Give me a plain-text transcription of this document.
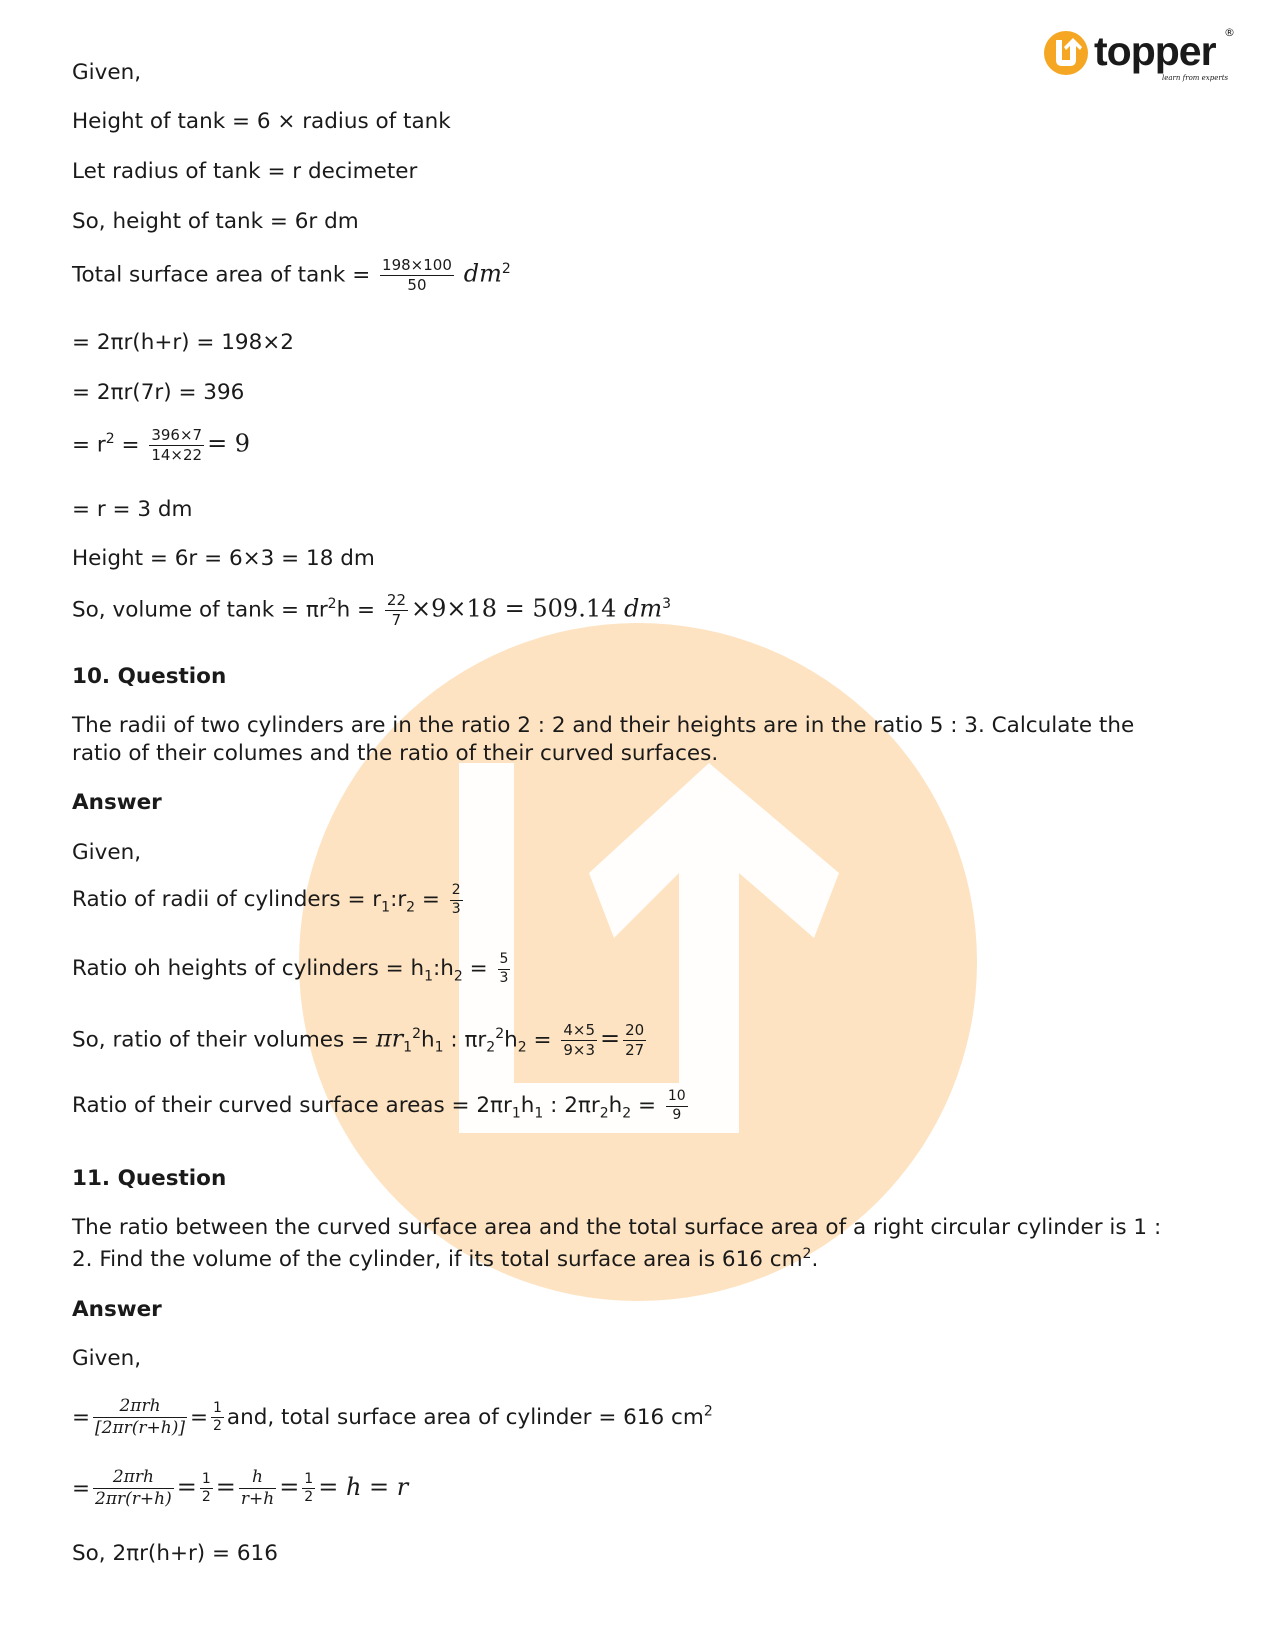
topper ®
learn from experts
Given,
Height of tank = 6 × radius of tank
Let radius of tank = r decimeter
So, height of tank = 6r dm
Total surface area of $\tan k = \frac{198\times 100}{50} dm^2$
= 2πr(h+r) = 198×2
= 2πr(7r) = 396
= $r^2 = \frac{396\times 7}{14\times 22} = 9$
= r = 3 dm
Height = 6r = 6×3 = 18 dm
So, volume of $\tan k = \pi r^2h = \frac{22}{7} \times 9\times 18 = 509.14$ $dm^3$
10. Question
The radii of two cylinders are in the ratio 2 : 2 and their heights are in the ratio 5 : 3. Calculate the
ratio of their columes and the ratio of their curved surfaces.
Answer
Given,
Ratio of radii of cylinders = $r_1:r_2 = \frac{2}{3}$
Ratio oh heights of cylinders = $h_1:h_2 = \frac{5}{3}$
So, ratio of their volumes = $\pi r_1^2h_1$ : $\pi r_2^2h_2 = \frac{4\times 5}{9\times 3} = \frac{20}{27}$
Ratio of their curved surface areas = $2\pi r_1h_1$ : $2\pi r_2h_2 = \frac{10}{9}$
11. Question
The ratio between the curved surface area and the total surface area of a right circular cylinder is 1 :
2. Find the volume of the cylinder, if its total surface area is 616 $cm^2$.
Answer
Given,
= $\frac{\text{2πrh}}{[2\pi r(r+h)]} = \frac{1}{2}$ and, total surface area of cylinder = 616 $cm^2$
= $\frac{\text{2πrh}}{2\pi r(r+h)} = \frac{1}{2} = \frac{h}{r+h} = \frac{1}{2} = h = r$
So, 2πr(h+r) = 616
